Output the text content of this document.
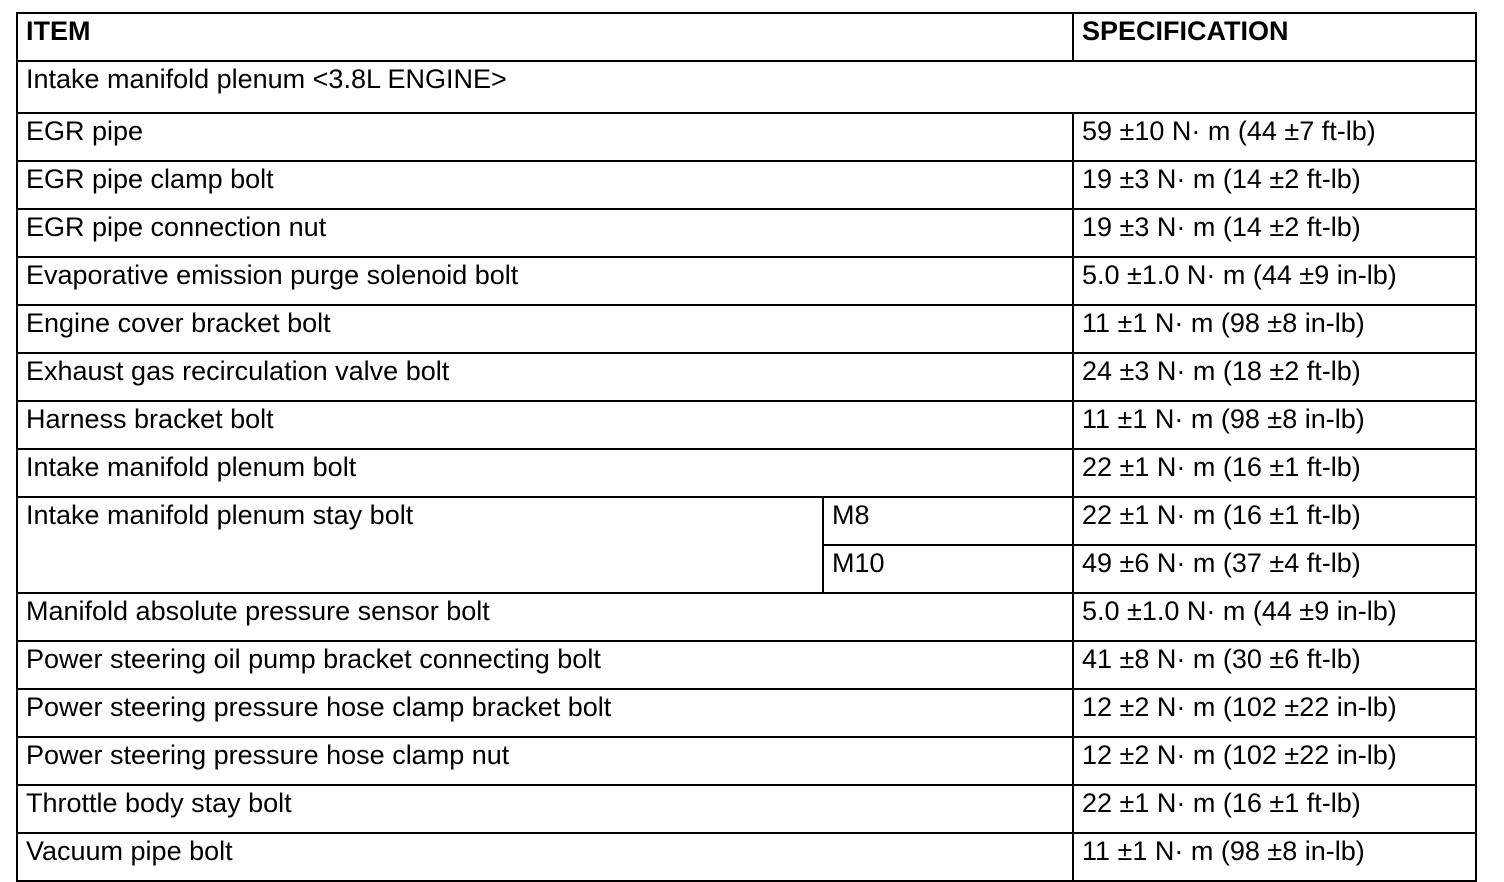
ITEM		SPECIFICATION
Intake manifold plenum <3.8L ENGINE>		
EGR pipe		59 ±10 N· m (44 ±7 ft-lb)
EGR pipe clamp bolt		19 ±3 N· m (14 ±2 ft-lb)
EGR pipe connection nut		19 ±3 N· m (14 ±2 ft-lb)
Evaporative emission purge solenoid bolt		5.0 ±1.0 N· m (44 ±9 in-lb)
Engine cover bracket bolt		11 ±1 N· m (98 ±8 in-lb)
Exhaust gas recirculation valve bolt		24 ±3 N· m (18 ±2 ft-lb)
Harness bracket bolt		11 ±1 N· m (98 ±8 in-lb)
Intake manifold plenum bolt		22 ±1 N· m (16 ±1 ft-lb)
Intake manifold plenum stay bolt	M8	22 ±1 N· m (16 ±1 ft-lb)
	M10	49 ±6 N· m (37 ±4 ft-lb)
Manifold absolute pressure sensor bolt		5.0 ±1.0 N· m (44 ±9 in-lb)
Power steering oil pump bracket connecting bolt		41 ±8 N· m (30 ±6 ft-lb)
Power steering pressure hose clamp bracket bolt		12 ±2 N· m (102 ±22 in-lb)
Power steering pressure hose clamp nut		12 ±2 N· m (102 ±22 in-lb)
Throttle body stay bolt		22 ±1 N· m (16 ±1 ft-lb)
Vacuum pipe bolt		11 ±1 N· m (98 ±8 in-lb)
